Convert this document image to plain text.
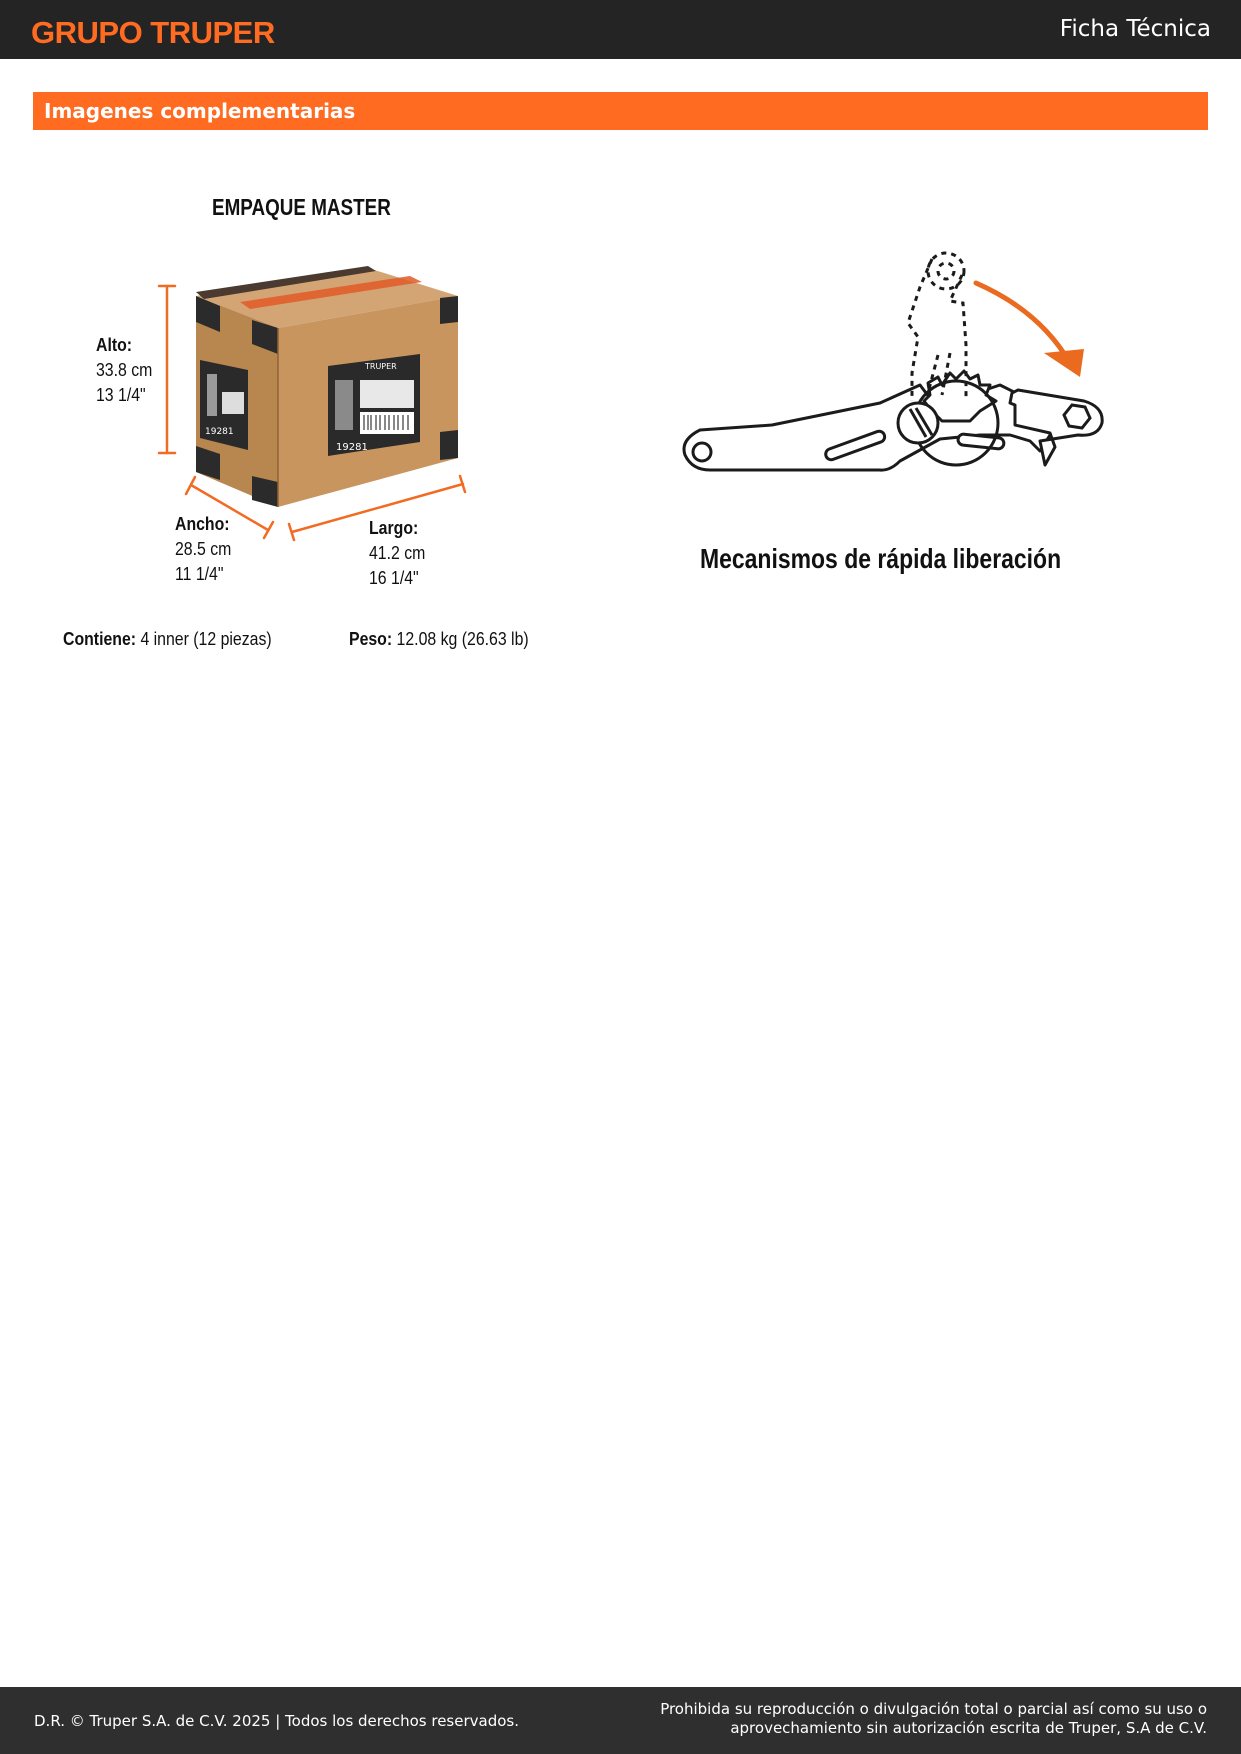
GRUPO TRUPER	Ficha Técnica
Imagenes complementarias
EMPAQUE MASTER
19281
TRUPER
19281
Alto:
33.8 cm
13 1/4"
Ancho:
28.5 cm
11 1/4"
Largo:
41.2 cm
16 1/4"
Contiene: 4 inner (12 piezas)	Peso: 12.08 kg (26.63 lb)
Mecanismos de rápida liberación
D.R. © Truper S.A. de C.V. 2025 | Todos los derechos reservados.
Prohibida su reproducción o divulgación total o parcial así como su uso o
aprovechamiento sin autorización escrita de Truper, S.A de C.V.
